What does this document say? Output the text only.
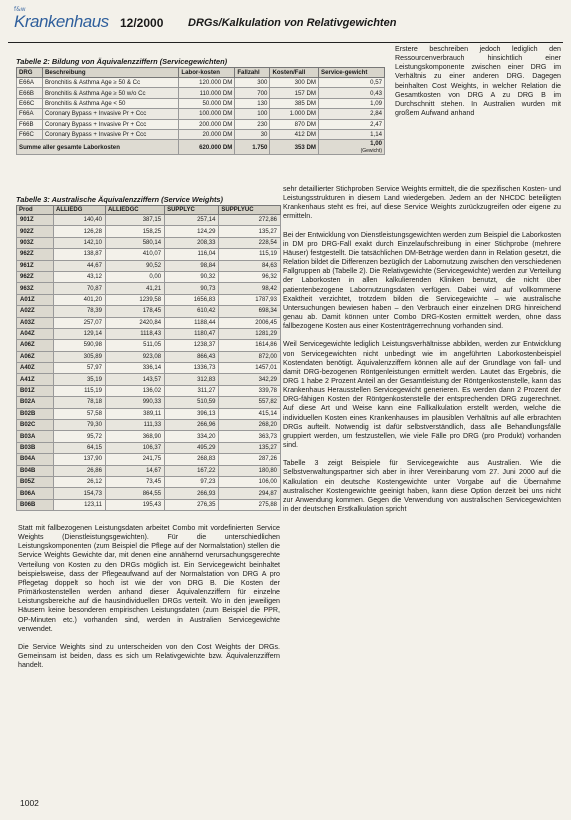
f&w
Krankenhaus 12/2000 DRGs/Kalkulation von Relativgewichten
Tabelle 2: Bildung von Äquivalenzziffern (Servicegewichten)
DRG	Beschreibung	Labor-kosten	Fallzahl	Kosten/Fall	Service-gewicht
E66A	Bronchitis & Asthma Age ≥ 50 & Cc	120.000 DM	300	300 DM	0,57
E66B	Bronchitis & Asthma Age ≥ 50 w/o Cc	110.000 DM	700	157 DM	0,43
E66C	Bronchitis & Asthma Age < 50	50.000 DM	130	385 DM	1,09
F66A	Coronary Bypass + Invasive Pr + Ccc	100.000 DM	100	1.000 DM	2,84
F66B	Coronary Bypass + Invasive Pr + Ccc	200.000 DM	230	870 DM	2,47
F66C	Coronary Bypass + Invasive Pr + Ccc	20.000 DM	30	412 DM	1,14
Summe aller gesamte Laborkosten		620.000 DM	1.750	353 DM	1,00
(Gewicht)
Tabelle 3: Australische Äquivalenzziffern (Service Weights)
Prod	ALLIEDG	ALLIEDGC	SUPPLYC	SUPPLYUC
901Z	140,40	387,15	257,14	272,86
902Z	126,28	158,25	124,29	135,27
903Z	142,10	580,14	208,33	228,54
962Z	138,87	410,07	116,04	115,19
961Z	44,67	90,52	98,84	84,63
962Z	43,12	0,00	90,32	96,32
963Z	70,87	41,21	90,73	98,42
A01Z	401,20	1239,58	1656,83	1787,93
A02Z	78,39	178,45	610,42	698,34
A03Z	257,07	2420,84	1188,44	2006,45
A04Z	129,14	1118,43	1180,47	1281,29
A06Z	590,98	511,05	1238,37	1614,86
A06Z	305,89	923,08	866,43	872,00
A40Z	57,97	336,14	1336,73	1457,01
A41Z	35,19	143,57	312,83	342,29
B01Z	115,19	136,02	311,27	339,78
B02A	78,18	990,33	510,59	557,82
B02B	57,58	389,11	396,13	415,14
B02C	79,30	111,33	266,96	268,20
B03A	95,72	368,90	334,20	363,73
B03B	64,15	106,37	495,29	135,27
B04A	137,90	241,75	268,83	287,26
B04B	26,86	14,67	167,22	180,80
B05Z	26,12	73,45	97,23	106,00
B06A	154,73	864,55	266,93	294,87
B06B	123,11	195,43	276,35	275,88

Erstere beschreiben jedoch lediglich den Ressourcenverbrauch hinsichtlich einer Leistungskomponente zwischen einer DRG im Verhältnis zu einer anderen DRG. Dagegen beinhalten Cost Weights, in welcher Relation die Gesamtkosten von DRG A zu DRG B im Durchschnitt stehen. In Australien wurden mit großem Aufwand anhand

sehr detaillierter Stichproben Service Weights ermittelt, die die spezifischen Kosten- und Leistungsstrukturen in diesem Land wiedergeben. Jedem an der NHCDC beteiligten Krankenhaus steht es frei, auf diese Service Weights zurückzugreifen oder eigene zu ermitteln.

Bei der Entwicklung von Dienstleistungsgewichten werden zum Beispiel die Laborkosten in DM pro DRG-Fall exakt durch Einzelaufschreibung in einer Stichprobe (mehrere Häuser) festgestellt. Die tatsächlichen DM-Beträge werden dann in Relation gesetzt, die Relation bildet die Differenzen bezüglich der Labornutzung zwischen den verschiedenen Fallgruppen ab (Tabelle 2). Die Relativgewichte (Servicegewichte) werden zur Verteilung der Laborkosten in allen kalkulierenden Kliniken benutzt, die nicht über patientenbezogene Labornutzungsdaten verfügen. Dabei wird auf vollkommene Exaktheit verzichtet, trotzdem bilden die Servicegewichte – wie australische Untersuchungen bewiesen haben – den Verbrauch einer einzelnen DRG hinreichend genau ab. Damit können unter Combo DRG-Kosten ermittelt werden, ohne dass fallbezogene Kosten aus einer Kostenträgerrechnung vorhanden sind.

Weil Servicegewichte lediglich Leistungsverhältnisse abbilden, werden zur Entwicklung von Servicegewichten nicht unbedingt wie im angeführten Laborkostenbeispiel Kostendaten benötigt. Äquivalenzziffern können alle auf der Grundlage von fall- und damit DRG-bezogenen Röntgenleistungen ermittelt werden. Lautet das Ergebnis, die DRG 1 habe 2 Prozent Anteil an der Gesamtleistung der Röntgenkostenstelle, kann das Krankenhaus Herausstellen Servicegewicht generieren. Es werden dann 2 Prozent der DRG-fähigen Kosten der Röntgenkostenstelle der entsprechenden DRG zugerechnet. Auf diese Art und Weise kann eine Fallkalkulation erstellt werden, welche die individuellen Kosten eines Krankenhauses im plausiblen Verhältnis auf alle erbrachten DRGs aufteilt. Notwendig ist dafür selbstverständlich, dass alle Behandlungsfälle gruppiert werden, um festzustellen, wie viele Fälle pro DRG (pro Produkt) vorhanden sind.

Tabelle 3 zeigt Beispiele für Servicegewichte aus Australien. Wie die Selbstverwaltungspartner sich aber in ihrer Vereinbarung vom 27. Juni 2000 auf die Kalkulation ein deutsche Kostengewichte unter Vorgabe auf die Übernahme australischer Kostengewichte geeinigt haben, kann diese Option derzeit bei uns nicht zur Anwendung kommen. Gegen die Verwendung von australischen Servicegewichten in der deutschen Erstkalkulation spricht

Statt mit fallbezogenen Leistungsdaten arbeitet Combo mit vordefinierten Service Weights (Dienstleistungsgewichten). Für die unterschiedlichen Leistungskomponenten (zum Beispiel die Pflege auf der Normalstation) stellen die Service Weights Gewichte dar, mit denen eine annähernd verursachungsgerechte Verteilung von Kosten zu den DRGs möglich ist. Ein Servicegewicht beinhaltet beispielsweise, dass der Pflegeaufwand auf der Normalstation von DRG A pro Pflegetag doppelt so hoch ist wie der von DRG B. Die Kosten der Primärkostenstellen werden anhand dieser Äquivalenzziffern für einzelne Leistungsbereiche auf die hausindividuellen DRGs verteilt. Wo in den jeweiligen Häusern keine besonderen empirischen Leistungsdaten (zum Beispiel die PPR, OP-Minuten etc.) vorhanden sind, werden in Australien Servicegewichte verwendet.

Die Service Weights sind zu unterscheiden von den Cost Weights der DRGs. Gemeinsam ist beiden, dass es sich um Relativgewichte bzw. Äquivalenzziffern handelt.

1002
